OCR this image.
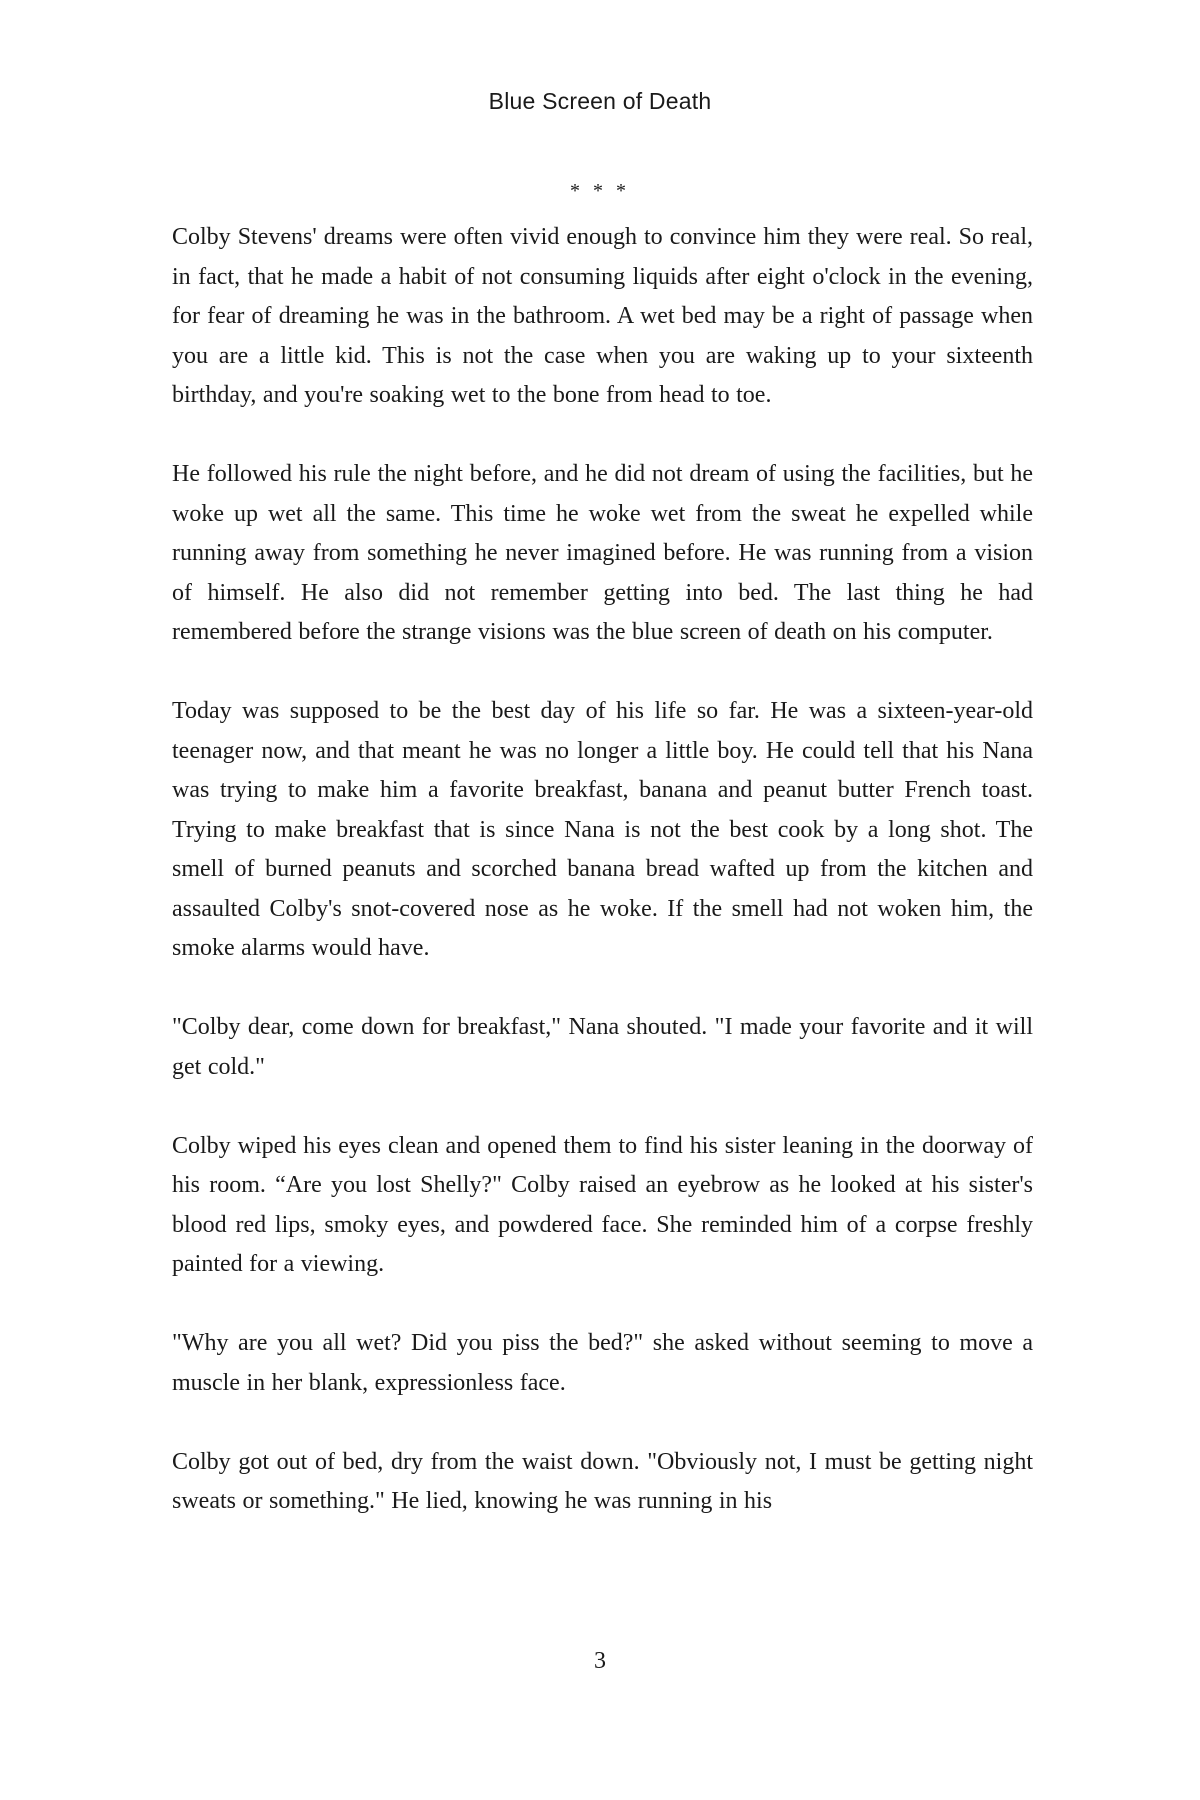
Blue Screen of Death
* * *

Colby Stevens' dreams were often vivid enough to convince him they were real. So real, in fact, that he made a habit of not consuming liquids after eight o'clock in the evening, for fear of dreaming he was in the bathroom. A wet bed may be a right of passage when you are a little kid. This is not the case when you are waking up to your sixteenth birthday, and you're soaking wet to the bone from head to toe.

He followed his rule the night before, and he did not dream of using the facilities, but he woke up wet all the same. This time he woke wet from the sweat he expelled while running away from something he never imagined before. He was running from a vision of himself. He also did not remember getting into bed. The last thing he had remembered before the strange visions was the blue screen of death on his computer.

Today was supposed to be the best day of his life so far. He was a sixteen-year-old teenager now, and that meant he was no longer a little boy. He could tell that his Nana was trying to make him a favorite breakfast, banana and peanut butter French toast. Trying to make breakfast that is since Nana is not the best cook by a long shot. The smell of burned peanuts and scorched banana bread wafted up from the kitchen and assaulted Colby's snot-covered nose as he woke. If the smell had not woken him, the smoke alarms would have.

"Colby dear, come down for breakfast," Nana shouted. "I made your favorite and it will get cold."

Colby wiped his eyes clean and opened them to find his sister leaning in the doorway of his room. “Are you lost Shelly?" Colby raised an eyebrow as he looked at his sister's blood red lips, smoky eyes, and powdered face. She reminded him of a corpse freshly painted for a viewing.

"Why are you all wet? Did you piss the bed?" she asked without seeming to move a muscle in her blank, expressionless face.

Colby got out of bed, dry from the waist down. "Obviously not, I must be getting night sweats or something." He lied, knowing he was running in his

3
